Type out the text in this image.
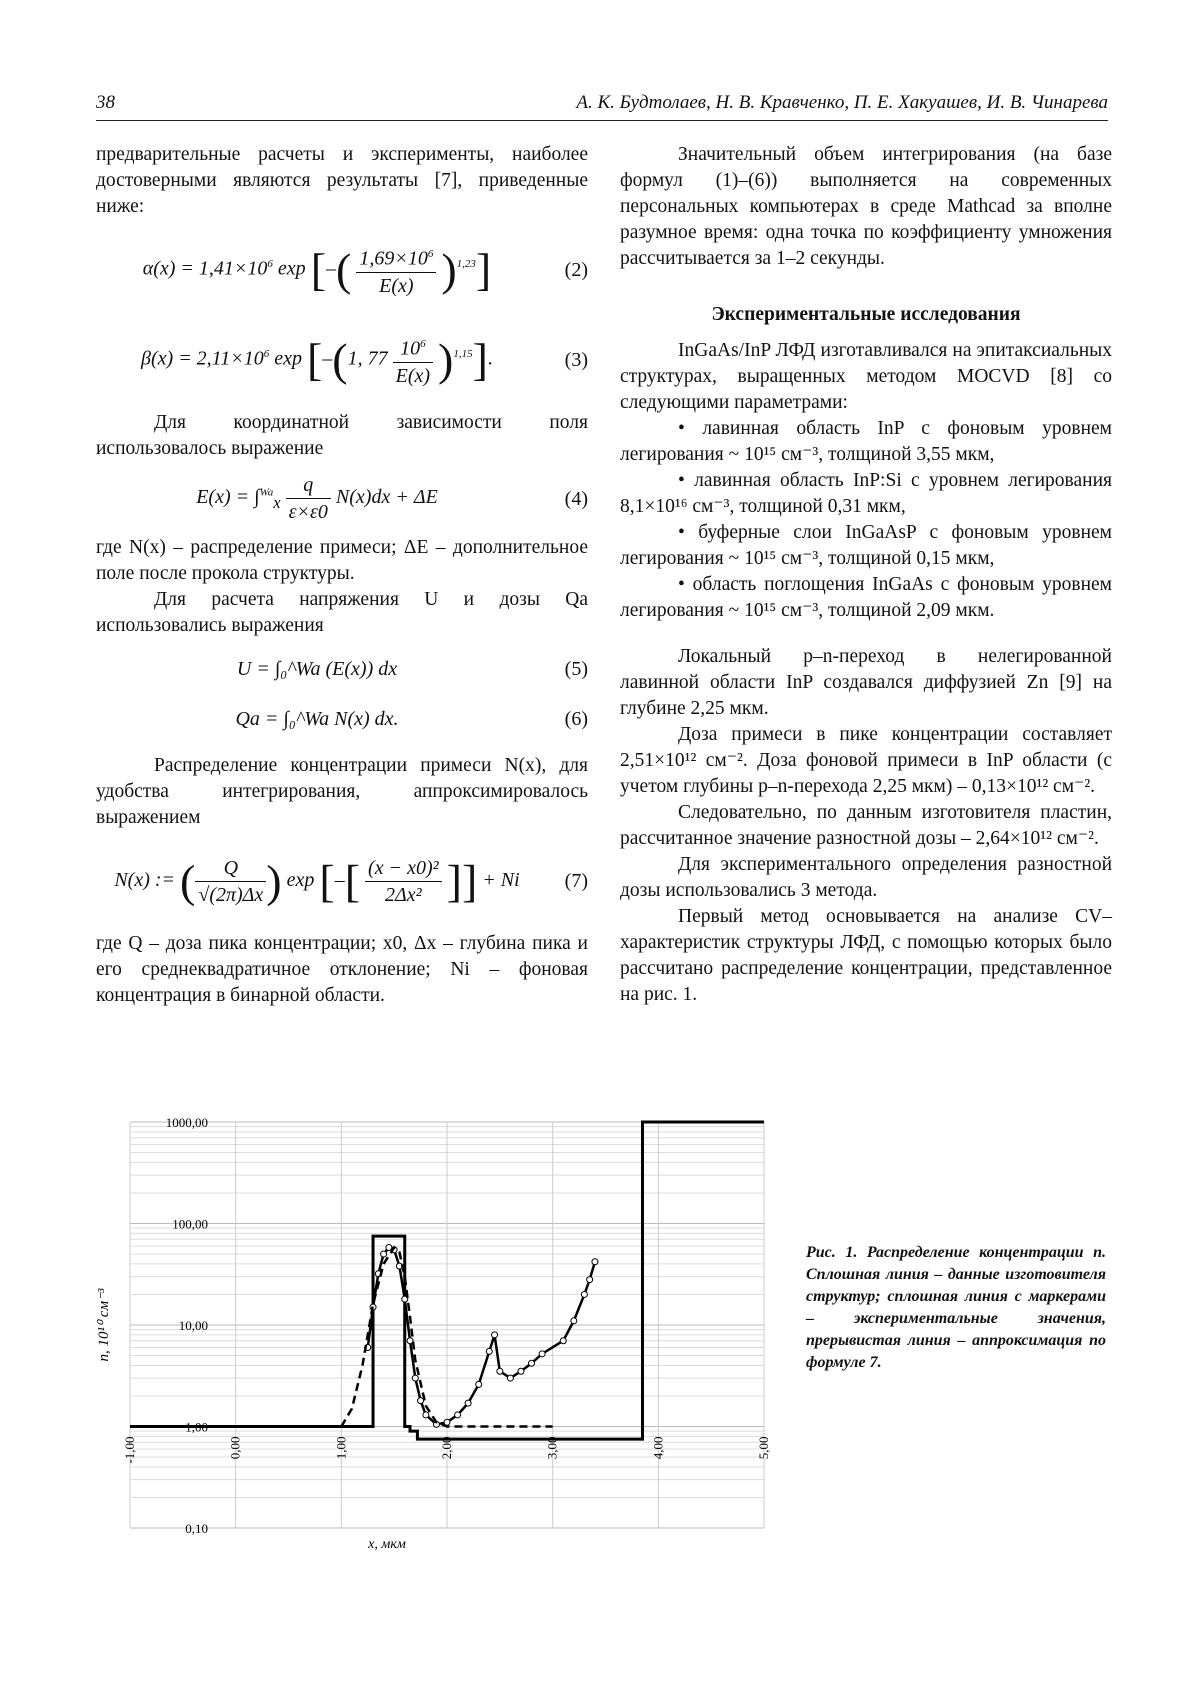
38	А. К. Будтолаев, Н. В. Кравченко, П. Е. Хакуашев, И. В. Чинарева

предварительные расчеты и эксперименты, наиболее достоверными являются результаты [7], приведенные ниже:

$\alpha(x) = 1,41\times 10^6$ exp [–( $\frac{1,69\times 10^6}{E(x)} )^{1,23}$]	(2)
$\beta(x) = 2,11\times 10^6$ exp [–(1, $77 \frac{10^6}{E(x)} )^{1,15}$].	(3)

Для координатной зависимости поля использовалось выражение

$E(x) = \int^{Wa}_x \frac{q}{\varepsilon\times\varepsilon 0} N(x)dx + \Delta E$	(4)

где N(x) – распределение примеси; ΔE – дополнительное поле после прокола структуры.

Для расчета напряжения U и дозы Qa использовались выражения

U = ∫₀^Wa (E(x)) dx	(5)
Qa = ∫₀^Wa N(x) dx.	(6)

Распределение концентрации примеси N(x), для удобства интегрирования, аппроксимировалось выражением

N(x) := ( $\frac{Q}{√(2\pi)\Delta x}$ ) exp [–[ $\frac{\text{(x − x0)²}}{\text{2Δx²}}$ ]] + Ni	(7)

где Q – доза пика концентрации; x0, Δx – глубина пика и его среднеквадратичное отклонение; Ni – фоновая концентрация в бинарной области.

Значительный объем интегрирования (на базе формул (1)–(6)) выполняется на современных персональных компьютерах в среде Mathcad за вполне разумное время: одна точка по коэффициенту умножения рассчитывается за 1–2 секунды.

Экспериментальные исследования

InGaAs/InP ЛФД изготавливался на эпитаксиальных структурах, выращенных методом MOCVD [8] со следующими параметрами:

• лавинная область InP с фоновым уровнем легирования ~ 10¹⁵ см⁻³, толщиной 3,55 мкм,

• лавинная область InP:Si с уровнем легирования 8,1×10¹⁶ см⁻³, толщиной 0,31 мкм,

• буферные слои InGaAsP с фоновым уровнем легирования ~ 10¹⁵ см⁻³, толщиной 0,15 мкм,

• область поглощения InGaAs с фоновым уровнем легирования ~ 10¹⁵ см⁻³, толщиной 2,09 мкм.

Локальный p–n-переход в нелегированной лавинной области InP создавался диффузией Zn [9] на глубине 2,25 мкм.

Доза примеси в пике концентрации составляет 2,51×10¹² см⁻². Доза фоновой примеси в InP области (с учетом глубины p–n-перехода 2,25 мкм) – 0,13×10¹² см⁻².

Следовательно, по данным изготовителя пластин, рассчитанное значение разностной дозы – 2,64×10¹² см⁻².

Для экспериментального определения разностной дозы использовались 3 метода.

Первый метод основывается на анализе CV–характеристик структуры ЛФД, с помощью которых было рассчитано распределение концентрации, представленное на рис. 1.

0,10
1,00
10,00
100,00
1000,00
-1,00	0,00	1,00	2,00	3,00	4,00	5,00
x, мкм
n, 10¹⁰ см⁻³
Рис. 1. Распределение концентрации n. Сплошная линия – данные изготовителя структур; сплошная линия с маркерами – экспериментальные значения, прерывистая линия – аппроксимация по формуле 7.
